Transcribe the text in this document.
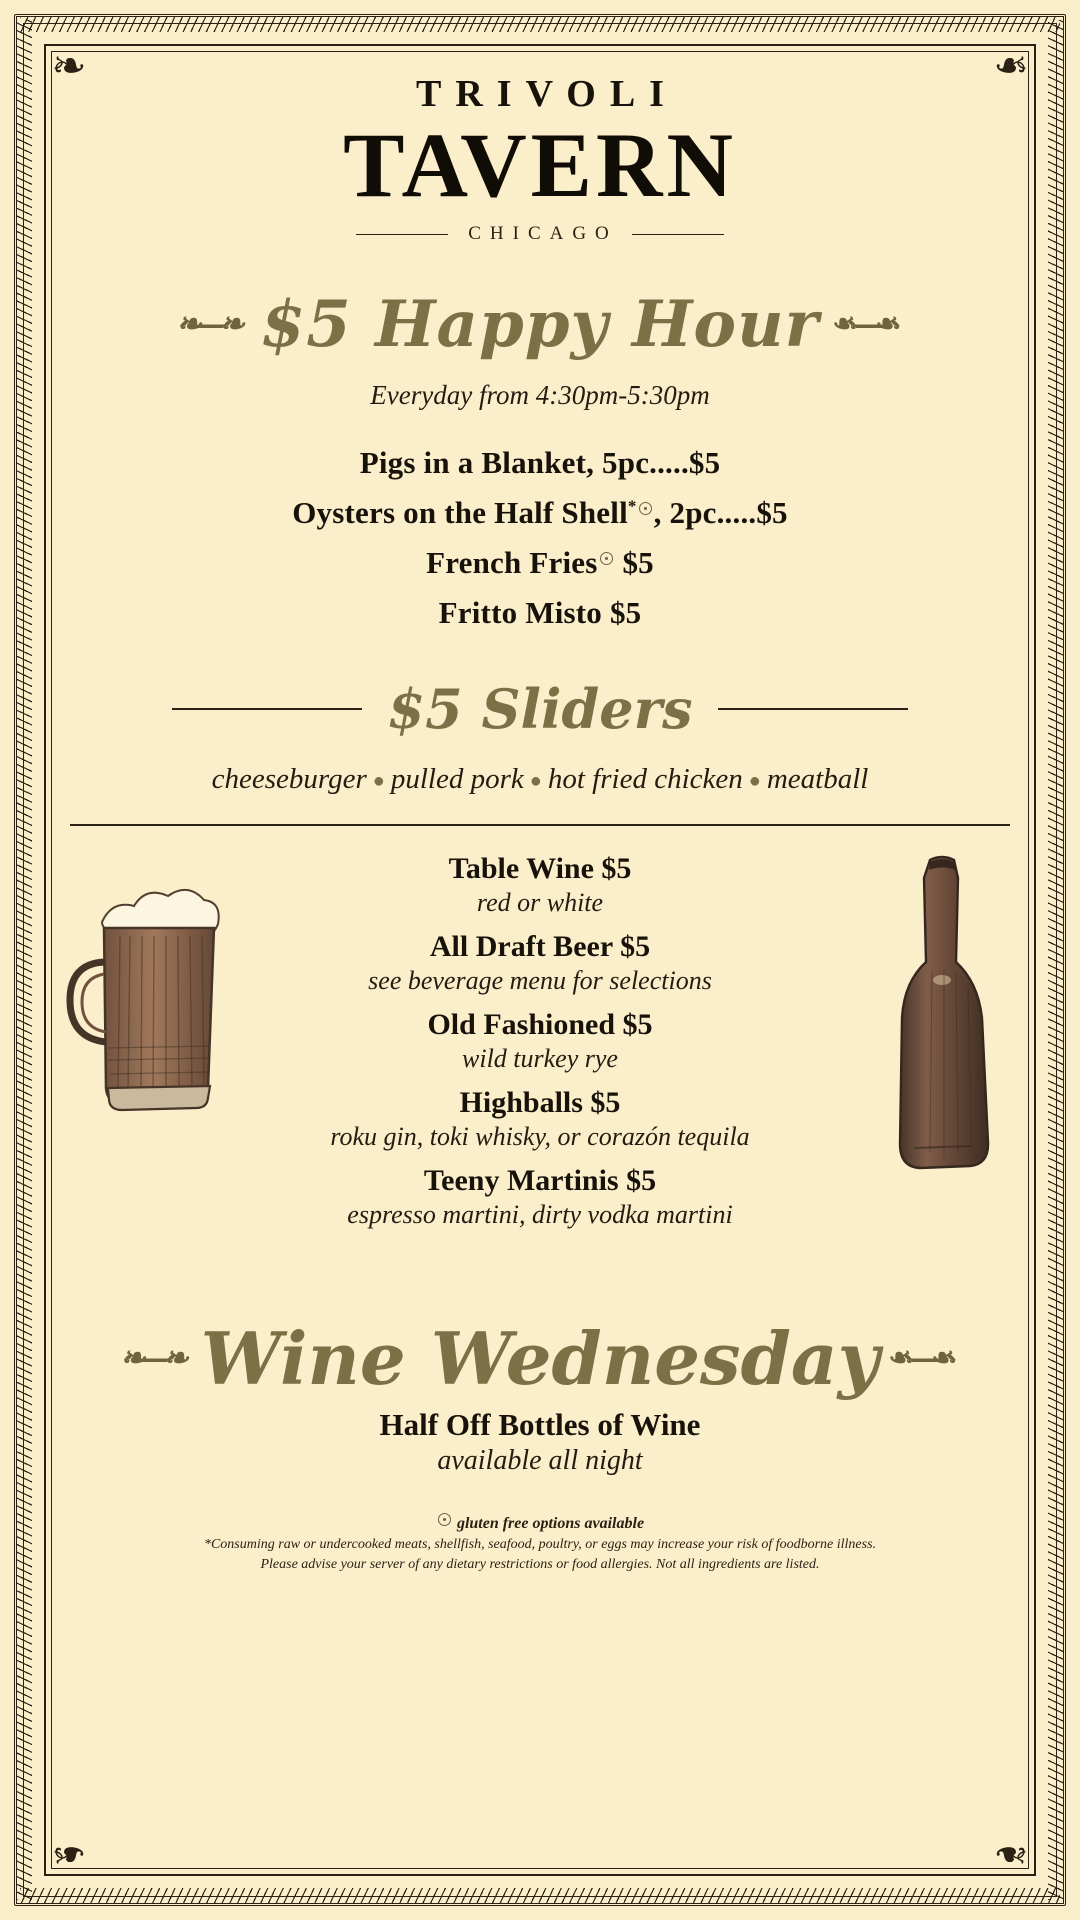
❧	❧
❧	❧
TRIVOLI
TAVERN
CHICAGO
❧—❧ $5 Happy Hour ❧—❧
Everyday from 4:30pm-5:30pm
Pigs in a Blanket, 5pc.....$5
Oysters on the Half Shell* , 2pc.....$5
French Fries $5
Fritto Misto $5
$5 Sliders
cheeseburger ● pulled pork ● hot fried chicken ● meatball
Table Wine $5
red or white
All Draft Beer $5
see beverage menu for selections
Old Fashioned $5
wild turkey rye
Highballs $5
roku gin, toki whisky, or corazón tequila
Teeny Martinis $5
espresso martini, dirty vodka martini
❧—❧ Wine Wednesday ❧—❧
Half Off Bottles of Wine
available all night
gluten free options available
*Consuming raw or undercooked meats, shellfish, seafood, poultry, or eggs may increase your risk of foodborne illness.
Please advise your server of any dietary restrictions or food allergies. Not all ingredients are listed.
